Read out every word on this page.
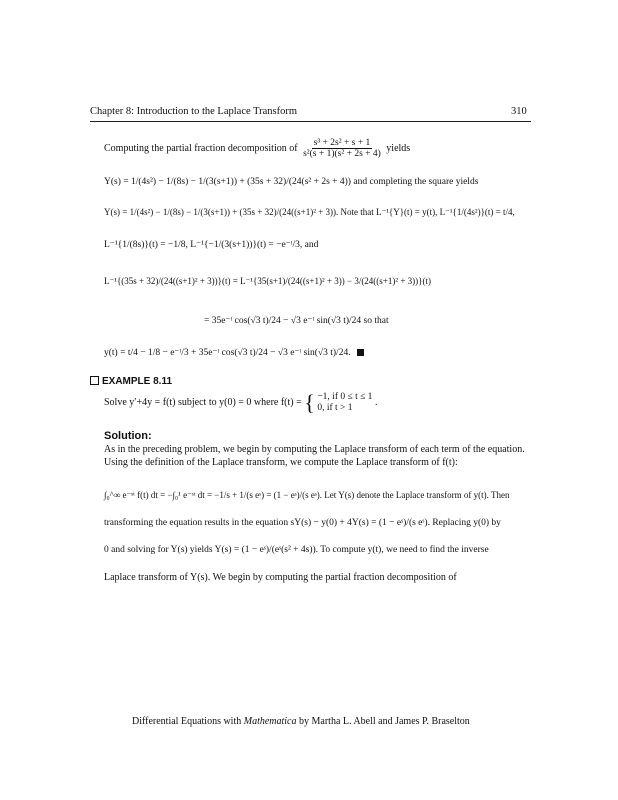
Chapter 8: Introduction to the Laplace Transform	310
Computing the partial fraction decomposition of $\frac{\text{s³ + 2s² + s + 1}}{\text{s²(s + 1)(s² + 2s + 4)}}$ yields
Y(s) = 1/(4s²) − 1/(8s) − 1/(3(s+1)) + (35s + 32)/(24(s² + 2s + 4)) and completing the square yields
Y(s) = 1/(4s²) − 1/(8s) − 1/(3(s+1)) + (35s + 32)/(24((s+1)² + 3)). Note that L⁻¹{Y}(t) = y(t), L⁻¹{1/(4s²)}(t) = t/4,
L⁻¹{1/(8s)}(t) = −1/8, L⁻¹{−1/(3(s+1))}(t) = −e⁻ᵗ/3, and
L⁻¹{(35s + 32)/(24((s+1)² + 3))}(t) = L⁻¹{35(s+1)/(24((s+1)² + 3)) − 3/(24((s+1)² + 3))}(t)
= 35e⁻ᵗ cos(√3 t)/24 − √3 e⁻ᵗ sin(√3 t)/24 so that
y(t) = t/4 − 1/8 − e⁻ᵗ/3 + 35e⁻ᵗ cos(√3 t)/24 − √3 e⁻ᵗ sin(√3 t)/24.
EXAMPLE 8.11
Solve y′+4y = f(t) subject to y(0) = 0 where f(t) = { −1, if 0 ≤ t ≤ 1
0, if t > 1	.
Solution:
As in the preceding problem, we begin by computing the Laplace transform of each term of the equation.
Using the definition of the Laplace transform, we compute the Laplace transform of f(t):
∫₀^∞ e⁻ˢᵗ f(t) dt = −∫₀¹ e⁻ˢᵗ dt = −1/s + 1/(s eˢ) = (1 − eˢ)/(s eˢ). Let Y(s) denote the Laplace transform of y(t). Then
transforming the equation results in the equation sY(s) − y(0) + 4Y(s) = (1 − eˢ)/(s eˢ). Replacing y(0) by
0 and solving for Y(s) yields Y(s) = (1 − eˢ)/(eˢ(s² + 4s)). To compute y(t), we need to find the inverse
Laplace transform of Y(s). We begin by computing the partial fraction decomposition of
Differential Equations with Mathematica by Martha L. Abell and James P. Braselton
